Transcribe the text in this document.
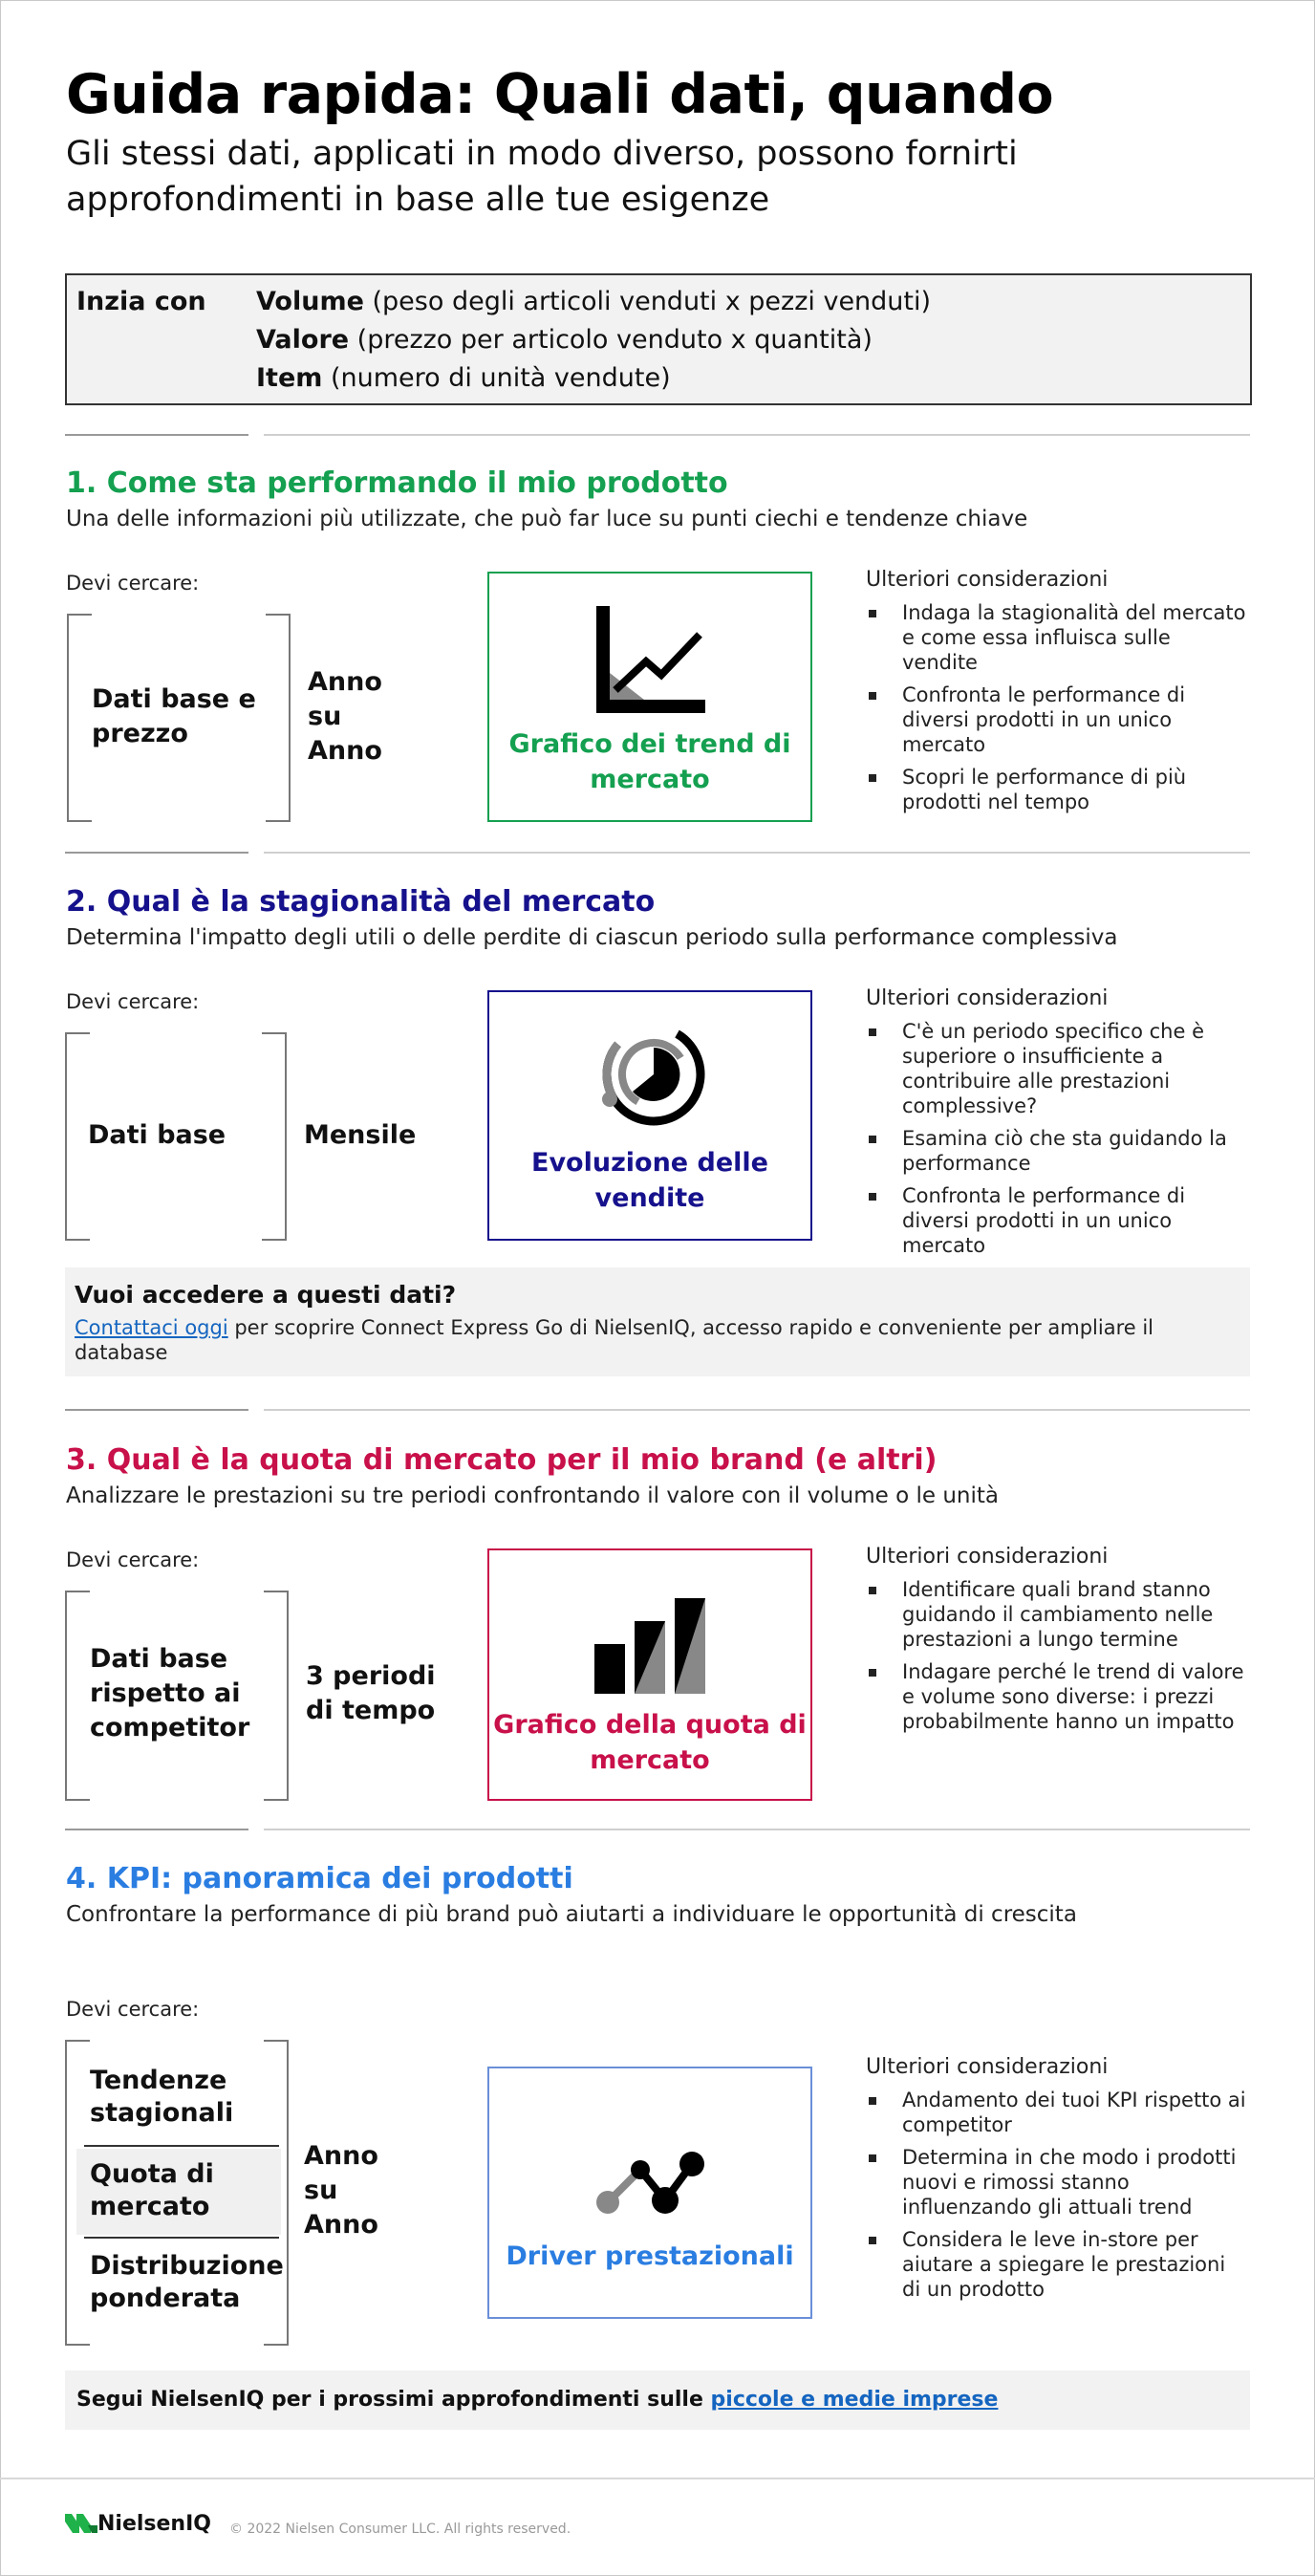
Guida rapida: Quali dati, quando
Gli stessi dati, applicati in modo diverso, possono fornirti approfondimenti in base alle tue esigenze
Inzia con Volume (peso degli articoli venduti x pezzi venduti)
Valore (prezzo per articolo venduto x quantità)
Item (numero di unità vendute)
1. Come sta performando il mio prodotto
Una delle informazioni più utilizzate, che può far luce su punti ciechi e tendenze chiave
Devi cercare:
Dati base e prezzo
Anno su Anno	Grafico dei trend di mercato
Ulteriori considerazioni
Indaga la stagionalità del mercato e come essa influisca sulle vendite
Confronta le performance di diversi prodotti in un unico mercato
Scopri le performance di più prodotti nel tempo
2. Qual è la stagionalità del mercato
Determina l'impatto degli utili o delle perdite di ciascun periodo sulla performance complessiva
Devi cercare:
Dati base	Mensile
Evoluzione delle vendite
Ulteriori considerazioni
C'è un periodo specifico che è superiore o insufficiente a contribuire alle prestazioni complessive?
Esamina ciò che sta guidando la performance
Confronta le performance di diversi prodotti in un unico mercato
Vuoi accedere a questi dati?
Contattaci oggi per scoprire Connect Express Go di NielsenIQ, accesso rapido e conveniente per ampliare il database
3. Qual è la quota di mercato per il mio brand (e altri)
Analizzare le prestazioni su tre periodi confrontando il valore con il volume o le unità
Devi cercare:
Dati base rispetto ai competitor
3 periodi di tempo	Grafico della quota di mercato
Ulteriori considerazioni
Identificare quali brand stanno guidando il cambiamento nelle prestazioni a lungo termine
Indagare perché le trend di valore e volume sono diverse: i prezzi probabilmente hanno un impatto
4. KPI: panoramica dei prodotti
Confrontare la performance di più brand può aiutarti a individuare le opportunità di crescita
Devi cercare:
Tendenze stagionali
Quota di mercato
Distribuzione ponderata
Anno su Anno
Driver prestazionali
Ulteriori considerazioni
Andamento dei tuoi KPI rispetto ai competitor
Determina in che modo i prodotti nuovi e rimossi stanno influenzando gli attuali trend
Considera le leve in-store per aiutare a spiegare le prestazioni di un prodotto
Segui NielsenIQ per i prossimi approfondimenti sulle piccole e medie imprese
NielsenIQ © 2022 Nielsen Consumer LLC. All rights reserved.
